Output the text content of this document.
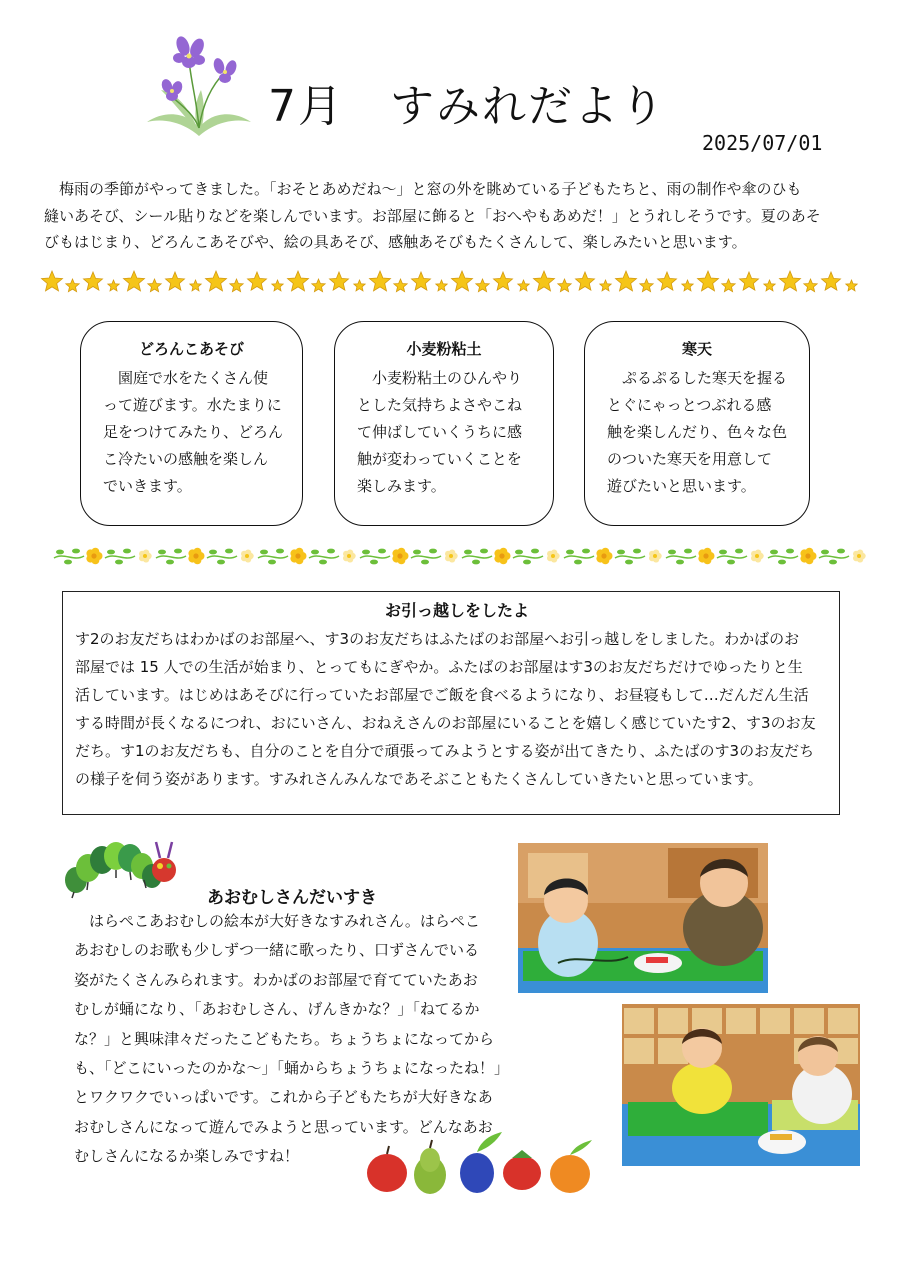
7月　すみれだより
2025/07/01
　梅雨の季節がやってきました。「おそとあめだね～」と窓の外を眺めている子どもたちと、雨の制作や傘のひも
縫いあそび、シール貼りなどを楽しんでいます。お部屋に飾ると「おへやもあめだ！」とうれしそうです。夏のあそ
びもはじまり、どろんこあそびや、絵の具あそび、感触あそびもたくさんして、楽しみたいと思います。
どろんこあそび
　園庭で水をたくさん使
って遊びます。水たまりに
足をつけてみたり、どろん
こ冷たいの感触を楽しん
でいきます。
小麦粉粘土
　小麦粉粘土のひんやり
とした気持ちよさやこね
て伸ばしていくうちに感
触が変わっていくことを
楽しみます。
寒天
　ぷるぷるした寒天を握る
とぐにゃっとつぶれる感
触を楽しんだり、色々な色
のついた寒天を用意して
遊びたいと思います。
お引っ越しをしたよ
す2のお友だちはわかばのお部屋へ、す3のお友だちはふたばのお部屋へお引っ越しをしました。わかばのお
部屋では 15 人での生活が始まり、とってもにぎやか。ふたばのお部屋はす3のお友だちだけでゆったりと生
活しています。はじめはあそびに行っていたお部屋でご飯を食べるようになり、お昼寝もして…だんだん生活
する時間が長くなるにつれ、おにいさん、おねえさんのお部屋にいることを嬉しく感じていたす2、す3のお友
だち。す1のお友だちも、自分のことを自分で頑張ってみようとする姿が出てきたり、ふたばのす3のお友だち
の様子を伺う姿があります。すみれさんみんなであそぶこともたくさんしていきたいと思っています。
あおむしさんだいすき
　はらぺこあおむしの絵本が大好きなすみれさん。はらぺこ
あおむしのお歌も少しずつ一緒に歌ったり、口ずさんでいる
姿がたくさんみられます。わかばのお部屋で育てていたあお
むしが蛹になり、「あおむしさん、げんきかな？」「ねてるか
な？」と興味津々だったこどもたち。ちょうちょになってから
も、「どこにいったのかな～」「蛹からちょうちょになったね！」
とワクワクでいっぱいです。これから子どもたちが大好きなあ
おむしさんになって遊んでみようと思っています。どんなあお
むしさんになるか楽しみですね！
